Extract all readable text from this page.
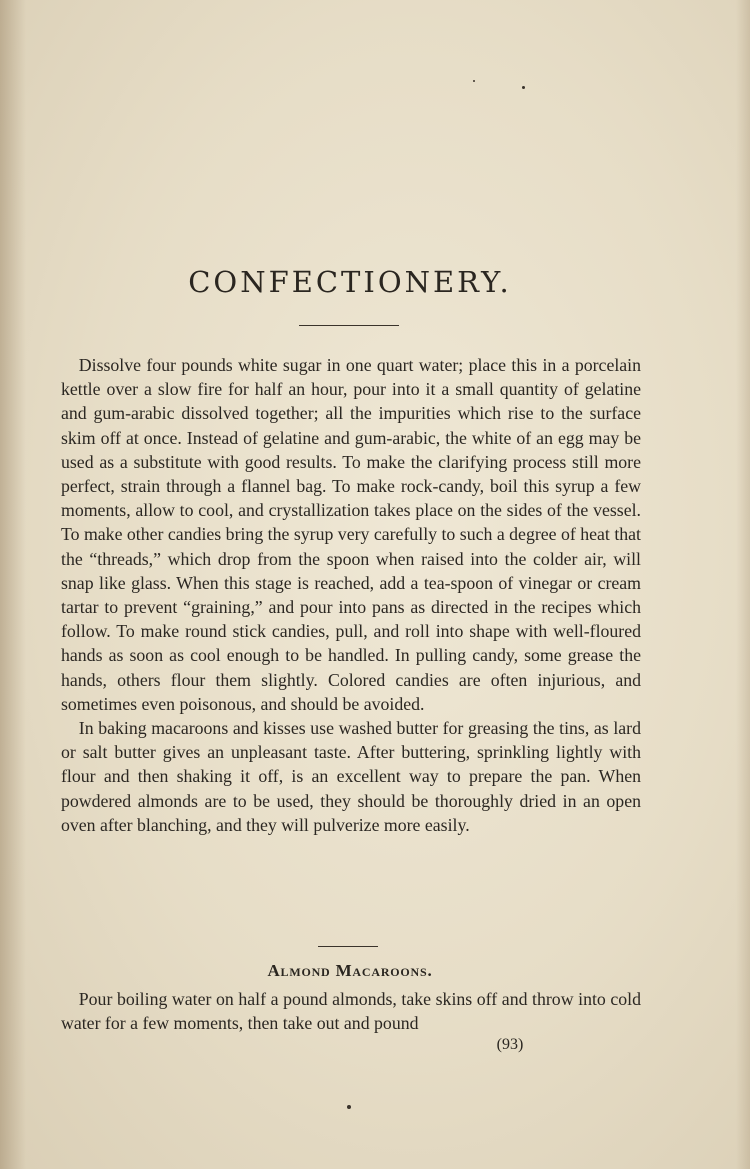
CONFECTIONERY.

 Dissolve four pounds white sugar in one quart water; place this in a porcelain kettle over a slow fire for half an hour, pour into it a small quantity of gelatine and gum-arabic dissolved together; all the impurities which rise to the surface skim off at once. Instead of gelatine and gum-arabic, the white of an egg may be used as a substitute with good results. To make the clarifying process still more perfect, strain through a flannel bag. To make rock-candy, boil this syrup a few moments, allow to cool, and crystallization takes place on the sides of the vessel. To make other candies bring the syrup very carefully to such a degree of heat that the “threads,” which drop from the spoon when raised into the colder air, will snap like glass. When this stage is reached, add a tea-spoon of vinegar or cream tartar to prevent “graining,” and pour into pans as directed in the recipes which follow. To make round stick candies, pull, and roll into shape with well-floured hands as soon as cool enough to be handled. In pulling candy, some grease the hands, others flour them slightly. Colored candies are often injurious, and sometimes even poisonous, and should be avoided.

 In baking macaroons and kisses use washed butter for greasing the tins, as lard or salt butter gives an unpleasant taste. After buttering, sprinkling lightly with flour and then shaking it off, is an excellent way to prepare the pan. When powdered almonds are to be used, they should be thoroughly dried in an open oven after blanching, and they will pulverize more easily.

Almond Macaroons.

 Pour boiling water on half a pound almonds, take skins off and throw into cold water for a few moments, then take out and pound

(93)
